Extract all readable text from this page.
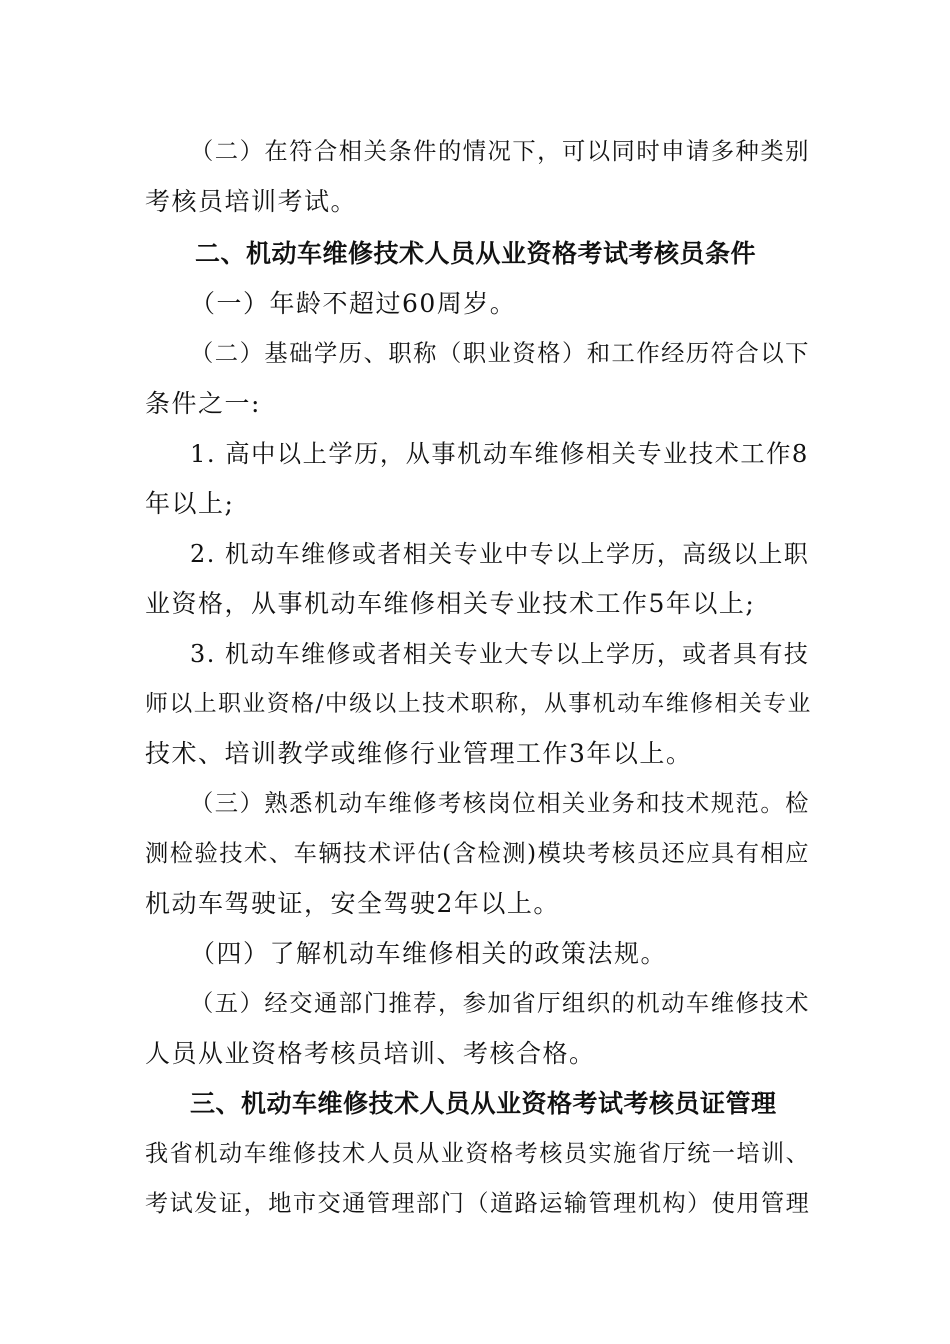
（二）在符合相关条件的情况下，可以同时申请多种类别
考核员培训考试。
二、机动车维修技术人员从业资格考试考核员条件
（一）年龄不超过60周岁。
（二）基础学历、职称（职业资格）和工作经历符合以下
条件之一:
1. 高中以上学历，从事机动车维修相关专业技术工作8
年以上;
2. 机动车维修或者相关专业中专以上学历，高级以上职
业资格，从事机动车维修相关专业技术工作5年以上;
3. 机动车维修或者相关专业大专以上学历，或者具有技
师以上职业资格/中级以上技术职称，从事机动车维修相关专业
技术、培训教学或维修行业管理工作3年以上。
（三）熟悉机动车维修考核岗位相关业务和技术规范。检
测检验技术、车辆技术评估(含检测)模块考核员还应具有相应
机动车驾驶证，安全驾驶2年以上。
（四）了解机动车维修相关的政策法规。
（五）经交通部门推荐，参加省厅组织的机动车维修技术
人员从业资格考核员培训、考核合格。
三、机动车维修技术人员从业资格考试考核员证管理
我省机动车维修技术人员从业资格考核员实施省厅统一培训、
考试发证，地市交通管理部门（道路运输管理机构）使用管理
